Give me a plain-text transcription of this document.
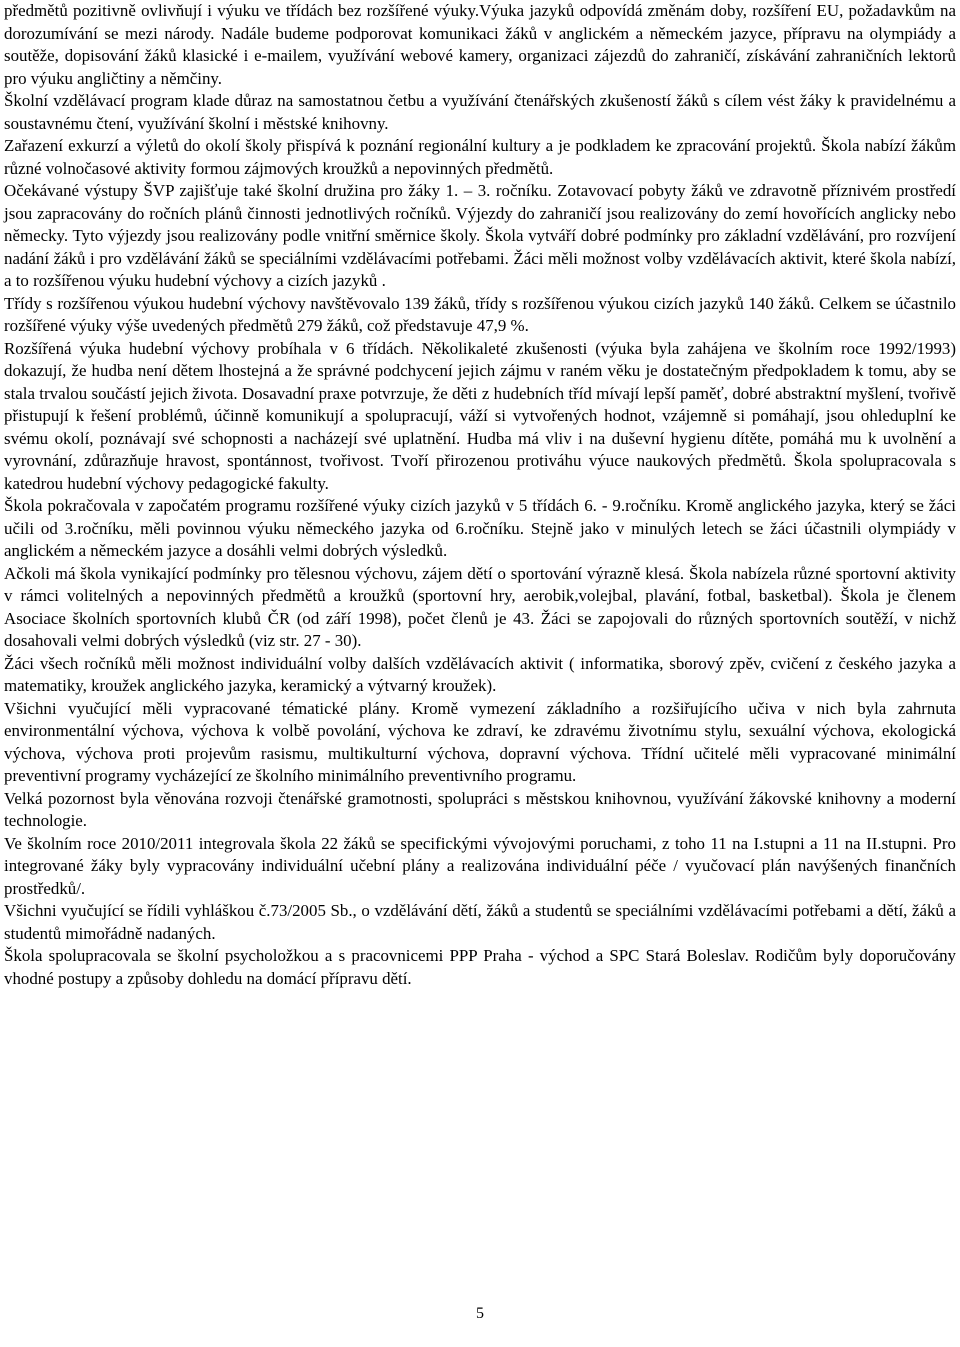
předmětů pozitivně ovlivňují i výuku ve třídách bez rozšířené výuky.Výuka jazyků odpovídá změnám doby, rozšíření EU, požadavkům na dorozumívání se mezi národy. Nadále budeme podporovat komunikaci žáků v anglickém a německém jazyce, přípravu na olympiády a soutěže, dopisování žáků klasické i e-mailem, využívání webové kamery, organizaci zájezdů do zahraničí, získávání zahraničních lektorů pro výuku angličtiny a němčiny.

Školní vzdělávací program klade důraz na samostatnou četbu a využívání čtenářských zkušeností žáků s cílem vést žáky k pravidelnému a soustavnému čtení, využívání školní i městské knihovny.

Zařazení exkurzí a výletů do okolí školy přispívá k poznání regionální kultury a je podkladem ke zpracování projektů. Škola nabízí žákům různé volnočasové aktivity formou zájmových kroužků a nepovinných předmětů.

Očekávané výstupy ŠVP zajišťuje také školní družina pro žáky 1. – 3. ročníku. Zotavovací pobyty žáků ve zdravotně příznivém prostředí jsou zapracovány do ročních plánů činnosti jednotlivých ročníků. Výjezdy do zahraničí jsou realizovány do zemí hovořících anglicky nebo německy. Tyto výjezdy jsou realizovány podle vnitřní směrnice školy. Škola vytváří dobré podmínky pro základní vzdělávání, pro rozvíjení nadání žáků i pro vzdělávání žáků se speciálními vzdělávacími potřebami. Žáci měli možnost volby vzdělávacích aktivit, které škola nabízí, a to rozšířenou výuku hudební výchovy a cizích jazyků .

Třídy s rozšířenou výukou hudební výchovy navštěvovalo 139 žáků, třídy s rozšířenou výukou cizích jazyků 140 žáků. Celkem se účastnilo rozšířené výuky výše uvedených předmětů 279 žáků, což představuje 47,9 %.

Rozšířená výuka hudební výchovy probíhala v 6 třídách. Několikaleté zkušenosti (výuka byla zahájena ve školním roce 1992/1993) dokazují, že hudba není dětem lhostejná a že správné podchycení jejich zájmu v raném věku je dostatečným předpokladem k tomu, aby se stala trvalou součástí jejich života. Dosavadní praxe potvrzuje, že děti z hudebních tříd mívají lepší paměť, dobré abstraktní myšlení, tvořivě přistupují k řešení problémů, účinně komunikují a spolupracují, váží si vytvořených hodnot, vzájemně si pomáhají, jsou ohleduplní ke svému okolí, poznávají své schopnosti a nacházejí své uplatnění. Hudba má vliv i na duševní hygienu dítěte, pomáhá mu k uvolnění a vyrovnání, zdůrazňuje hravost, spontánnost, tvořivost. Tvoří přirozenou protiváhu výuce naukových předmětů. Škola spolupracovala s katedrou hudební výchovy pedagogické fakulty.

Škola pokračovala v započatém programu rozšířené výuky cizích jazyků v 5 třídách 6. - 9.ročníku. Kromě anglického jazyka, který se žáci učili od 3.ročníku, měli povinnou výuku německého jazyka od 6.ročníku. Stejně jako v minulých letech se žáci účastnili olympiády v anglickém a německém jazyce a dosáhli velmi dobrých výsledků.

Ačkoli má škola vynikající podmínky pro tělesnou výchovu, zájem dětí o sportování výrazně klesá. Škola nabízela různé sportovní aktivity v rámci volitelných a nepovinných předmětů a kroužků (sportovní hry, aerobik,volejbal, plavání, fotbal, basketbal). Škola je členem Asociace školních sportovních klubů ČR (od září 1998), počet členů je 43. Žáci se zapojovali do různých sportovních soutěží, v nichž dosahovali velmi dobrých výsledků (viz str. 27 - 30).

Žáci všech ročníků měli možnost individuální volby dalších vzdělávacích aktivit ( informatika, sborový zpěv, cvičení z českého jazyka a matematiky, kroužek anglického jazyka, keramický a výtvarný kroužek).

Všichni vyučující měli vypracované tématické plány. Kromě vymezení základního a rozšiřujícího učiva v nich byla zahrnuta environmentální výchova, výchova k volbě povolání, výchova ke zdraví, ke zdravému životnímu stylu, sexuální výchova, ekologická výchova, výchova proti projevům rasismu, multikulturní výchova, dopravní výchova. Třídní učitelé měli vypracované minimální preventivní programy vycházející ze školního minimálního preventivního programu.

Velká pozornost byla věnována rozvoji čtenářské gramotnosti, spolupráci s městskou knihovnou, využívání žákovské knihovny a moderní technologie.

Ve školním roce 2010/2011 integrovala škola 22 žáků se specifickými vývojovými poruchami, z toho 11 na I.stupni a 11 na II.stupni. Pro integrované žáky byly vypracovány individuální učební plány a realizována individuální péče / vyučovací plán navýšených finančních prostředků/.

Všichni vyučující se řídili vyhláškou č.73/2005 Sb., o vzdělávání dětí, žáků a studentů se speciálními vzdělávacími potřebami a dětí, žáků a studentů mimořádně nadaných.

Škola spolupracovala se školní psycholožkou a s pracovnicemi PPP Praha - východ a SPC Stará Boleslav. Rodičům byly doporučovány vhodné postupy a způsoby dohledu na domácí přípravu dětí.

5
